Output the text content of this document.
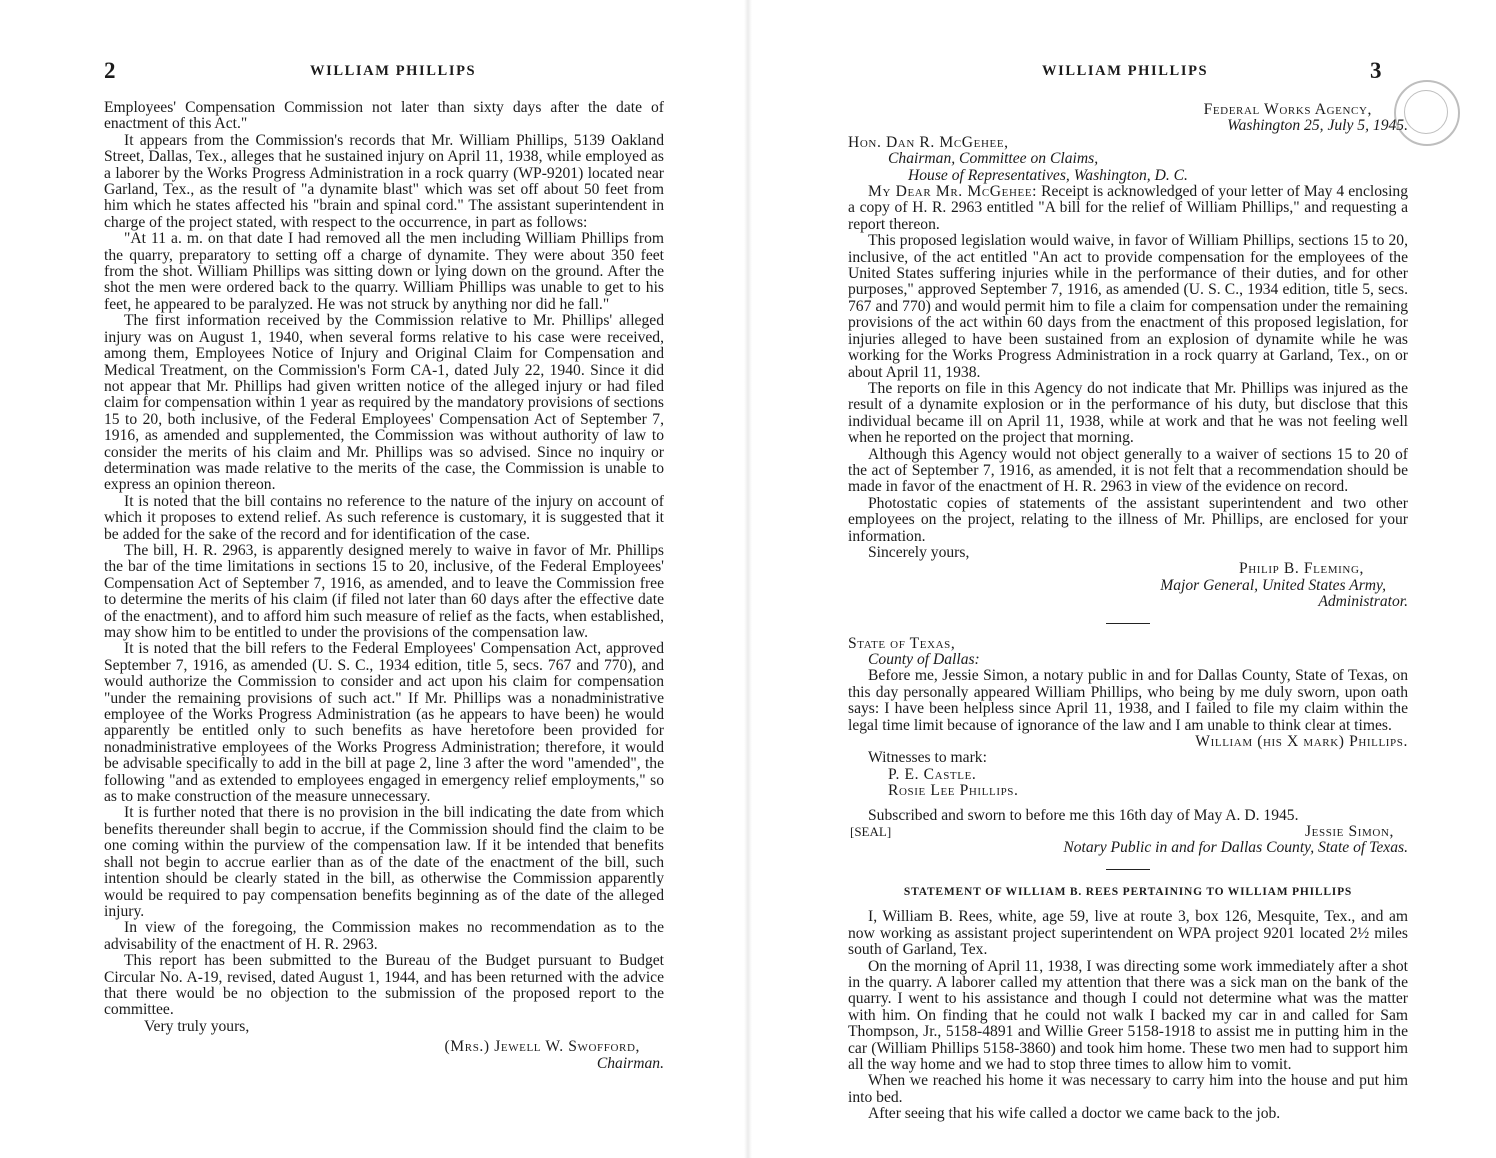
2	WILLIAM PHILLIPS

Employees' Compensation Commission not later than sixty days after the date of enactment of this Act."

It appears from the Commission's records that Mr. William Phillips, 5139 Oakland Street, Dallas, Tex., alleges that he sustained injury on April 11, 1938, while employed as a laborer by the Works Progress Administration in a rock quarry (WP-9201) located near Garland, Tex., as the result of "a dynamite blast" which was set off about 50 feet from him which he states affected his "brain and spinal cord." The assistant superintendent in charge of the project stated, with respect to the occurrence, in part as follows:

"At 11 a. m. on that date I had removed all the men including William Phillips from the quarry, preparatory to setting off a charge of dynamite. They were about 350 feet from the shot. William Phillips was sitting down or lying down on the ground. After the shot the men were ordered back to the quarry. William Phillips was unable to get to his feet, he appeared to be paralyzed. He was not struck by anything nor did he fall."

The first information received by the Commission relative to Mr. Phillips' alleged injury was on August 1, 1940, when several forms relative to his case were received, among them, Employees Notice of Injury and Original Claim for Compensation and Medical Treatment, on the Commission's Form CA-1, dated July 22, 1940. Since it did not appear that Mr. Phillips had given written notice of the alleged injury or had filed claim for compensation within 1 year as required by the mandatory provisions of sections 15 to 20, both inclusive, of the Federal Employees' Compensation Act of September 7, 1916, as amended and supplemented, the Commission was without authority of law to consider the merits of his claim and Mr. Phillips was so advised. Since no inquiry or determination was made relative to the merits of the case, the Commission is unable to express an opinion thereon.

It is noted that the bill contains no reference to the nature of the injury on account of which it proposes to extend relief. As such reference is customary, it is suggested that it be added for the sake of the record and for identification of the case.

The bill, H. R. 2963, is apparently designed merely to waive in favor of Mr. Phillips the bar of the time limitations in sections 15 to 20, inclusive, of the Federal Employees' Compensation Act of September 7, 1916, as amended, and to leave the Commission free to determine the merits of his claim (if filed not later than 60 days after the effective date of the enactment), and to afford him such measure of relief as the facts, when established, may show him to be entitled to under the provisions of the compensation law.

It is noted that the bill refers to the Federal Employees' Compensation Act, approved September 7, 1916, as amended (U. S. C., 1934 edition, title 5, secs. 767 and 770), and would authorize the Commission to consider and act upon his claim for compensation "under the remaining provisions of such act." If Mr. Phillips was a nonadministrative employee of the Works Progress Administration (as he appears to have been) he would apparently be entitled only to such benefits as have heretofore been provided for nonadministrative employees of the Works Progress Administration; therefore, it would be advisable specifically to add in the bill at page 2, line 3 after the word "amended", the following "and as extended to employees engaged in emergency relief employments," so as to make construction of the measure unnecessary.

It is further noted that there is no provision in the bill indicating the date from which benefits thereunder shall begin to accrue, if the Commission should find the claim to be one coming within the purview of the compensation law. If it be intended that benefits shall not begin to accrue earlier than as of the date of the enactment of the bill, such intention should be clearly stated in the bill, as otherwise the Commission apparently would be required to pay compensation benefits beginning as of the date of the alleged injury.

In view of the foregoing, the Commission makes no recommendation as to the advisability of the enactment of H. R. 2963.

This report has been submitted to the Bureau of the Budget pursuant to Budget Circular No. A-19, revised, dated August 1, 1944, and has been returned with the advice that there would be no objection to the submission of the proposed report to the committee.

Very truly yours,

(Mrs.) Jewell W. Swofford,

Chairman.

WILLIAM PHILLIPS	3

Federal Works Agency,

Washington 25, July 5, 1945.

Hon. Dan R. McGehee,

Chairman, Committee on Claims,

House of Representatives, Washington, D. C.

My Dear Mr. McGehee: Receipt is acknowledged of your letter of May 4 enclosing a copy of H. R. 2963 entitled "A bill for the relief of William Phillips," and requesting a report thereon.

This proposed legislation would waive, in favor of William Phillips, sections 15 to 20, inclusive, of the act entitled "An act to provide compensation for the employees of the United States suffering injuries while in the performance of their duties, and for other purposes," approved September 7, 1916, as amended (U. S. C., 1934 edition, title 5, secs. 767 and 770) and would permit him to file a claim for compensation under the remaining provisions of the act within 60 days from the enactment of this proposed legislation, for injuries alleged to have been sustained from an explosion of dynamite while he was working for the Works Progress Administration in a rock quarry at Garland, Tex., on or about April 11, 1938.

The reports on file in this Agency do not indicate that Mr. Phillips was injured as the result of a dynamite explosion or in the performance of his duty, but disclose that this individual became ill on April 11, 1938, while at work and that he was not feeling well when he reported on the project that morning.

Although this Agency would not object generally to a waiver of sections 15 to 20 of the act of September 7, 1916, as amended, it is not felt that a recommendation should be made in favor of the enactment of H. R. 2963 in view of the evidence on record.

Photostatic copies of statements of the assistant superintendent and two other employees on the project, relating to the illness of Mr. Phillips, are enclosed for your information.

Sincerely yours,

Philip B. Fleming,

Major General, United States Army,

Administrator.

State of Texas,

County of Dallas:

Before me, Jessie Simon, a notary public in and for Dallas County, State of Texas, on this day personally appeared William Phillips, who being by me duly sworn, upon oath says: I have been helpless since April 11, 1938, and I failed to file my claim within the legal time limit because of ignorance of the law and I am unable to think clear at times.

William (his X mark) Phillips.

Witnesses to mark:

P. E. Castle.

Rosie Lee Phillips.

Subscribed and sworn to before me this 16th day of May A. D. 1945.

[SEAL]	Jessie Simon,

Notary Public in and for Dallas County, State of Texas.

STATEMENT OF WILLIAM B. REES PERTAINING TO WILLIAM PHILLIPS

I, William B. Rees, white, age 59, live at route 3, box 126, Mesquite, Tex., and am now working as assistant project superintendent on WPA project 9201 located 2½ miles south of Garland, Tex.

On the morning of April 11, 1938, I was directing some work immediately after a shot in the quarry. A laborer called my attention that there was a sick man on the bank of the quarry. I went to his assistance and though I could not determine what was the matter with him. On finding that he could not walk I backed my car in and called for Sam Thompson, Jr., 5158-4891 and Willie Greer 5158-1918 to assist me in putting him in the car (William Phillips 5158-3860) and took him home. These two men had to support him all the way home and we had to stop three times to allow him to vomit.

When we reached his home it was necessary to carry him into the house and put him into bed.

After seeing that his wife called a doctor we came back to the job.
